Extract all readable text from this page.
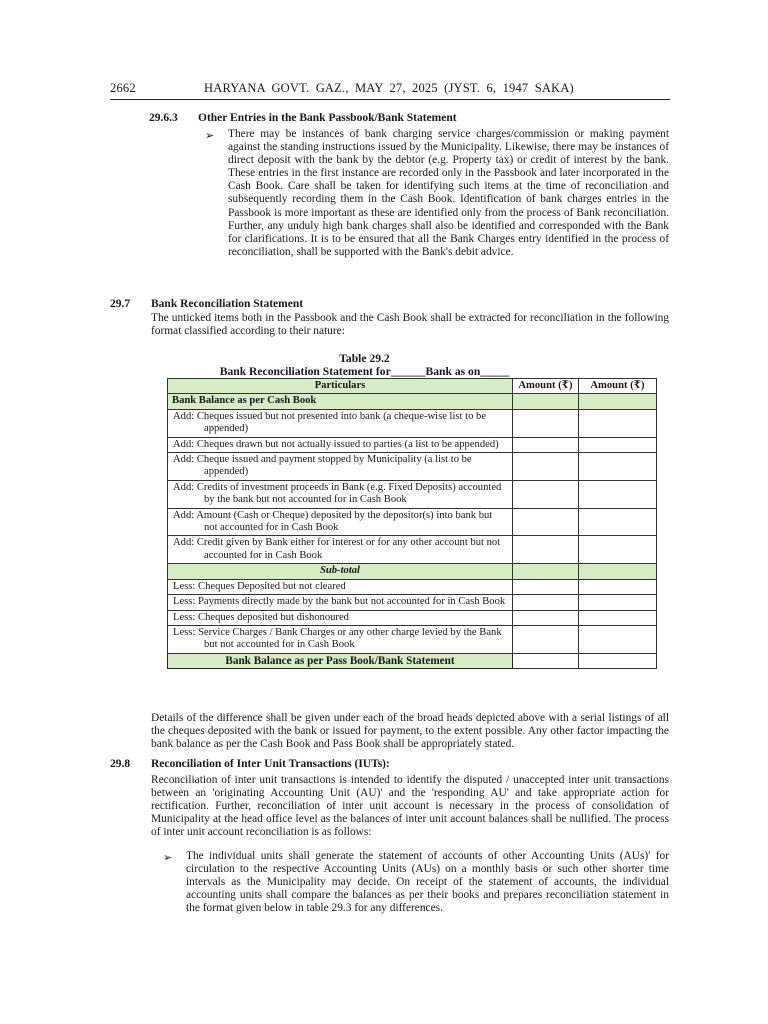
2662	HARYANA GOVT. GAZ., MAY 27, 2025 (JYST. 6, 1947 SAKA)
29.6.3 Other Entries in the Bank Passbook/Bank Statement
➢ There may be instances of bank charging service charges/commission or making payment against the standing instructions issued by the Municipality. Likewise, there may be instances of direct deposit with the bank by the debtor (e.g. Property tax) or credit of interest by the bank. These entries in the first instance are recorded only in the Passbook and later incorporated in the Cash Book. Care shall be taken for identifying such items at the time of reconciliation and subsequently recording them in the Cash Book. Identification of bank charges entries in the Passbook is more important as these are identified only from the process of Bank reconciliation. Further, any unduly high bank charges shall also be identified and corresponded with the Bank for clarifications. It is to be ensured that all the Bank Charges entry identified in the process of reconciliation, shall be supported with the Bank's debit advice.

29.7 Bank Reconciliation Statement

The unticked items both in the Passbook and the Cash Book shall be extracted for reconciliation in the following format classified according to their nature:

Table 29.2
Bank Reconciliation Statement for______Bank as on_____
Particulars	Amount (₹)	Amount (₹)
Bank Balance as per Cash Book		
Add: Cheques issued but not presented into bank (a cheque-wise list to be appended)		
Add: Cheques drawn but not actually issued to parties (a list to be appended)		
Add: Cheque issued and payment stopped by Municipality (a list to be appended)		
Add: Credits of investment proceeds in Bank (e.g. Fixed Deposits) accounted by the bank but not accounted for in Cash Book		
Add: Amount (Cash or Cheque) deposited by the depositor(s) into bank but not accounted for in Cash Book		
Add: Credit given by Bank either for interest or for any other account but not accounted for in Cash Book		
Sub-total		
Less: Cheques Deposited but not cleared		
Less: Payments directly made by the bank but not accounted for in Cash Book		
Less: Cheques deposited but dishonoured		
Less: Service Charges / Bank Charges or any other charge levied by the Bank but not accounted for in Cash Book		
Bank Balance as per Pass Book/Bank Statement		

Details of the difference shall be given under each of the broad heads depicted above with a serial listings of all the cheques deposited with the bank or issued for payment, to the extent possible. Any other factor impacting the bank balance as per the Cash Book and Pass Book shall be appropriately stated.

29.8 Reconciliation of Inter Unit Transactions (IUTs):

Reconciliation of inter unit transactions is intended to identify the disputed / unaccepted inter unit transactions between an 'originating Accounting Unit (AU)' and the 'responding AU' and take appropriate action for rectification. Further, reconciliation of inter unit account is necessary in the process of consolidation of Municipality at the head office level as the balances of inter unit account balances shall be nullified. The process of inter unit account reconciliation is as follows:

➢ The individual units shall generate the statement of accounts of other Accounting Units (AUs)' for circulation to the respective Accounting Units (AUs) on a monthly basis or such other shorter time intervals as the Municipality may decide. On receipt of the statement of accounts, the individual accounting units shall compare the balances as per their books and prepares reconciliation statement in the format given below in table 29.3 for any differences.
